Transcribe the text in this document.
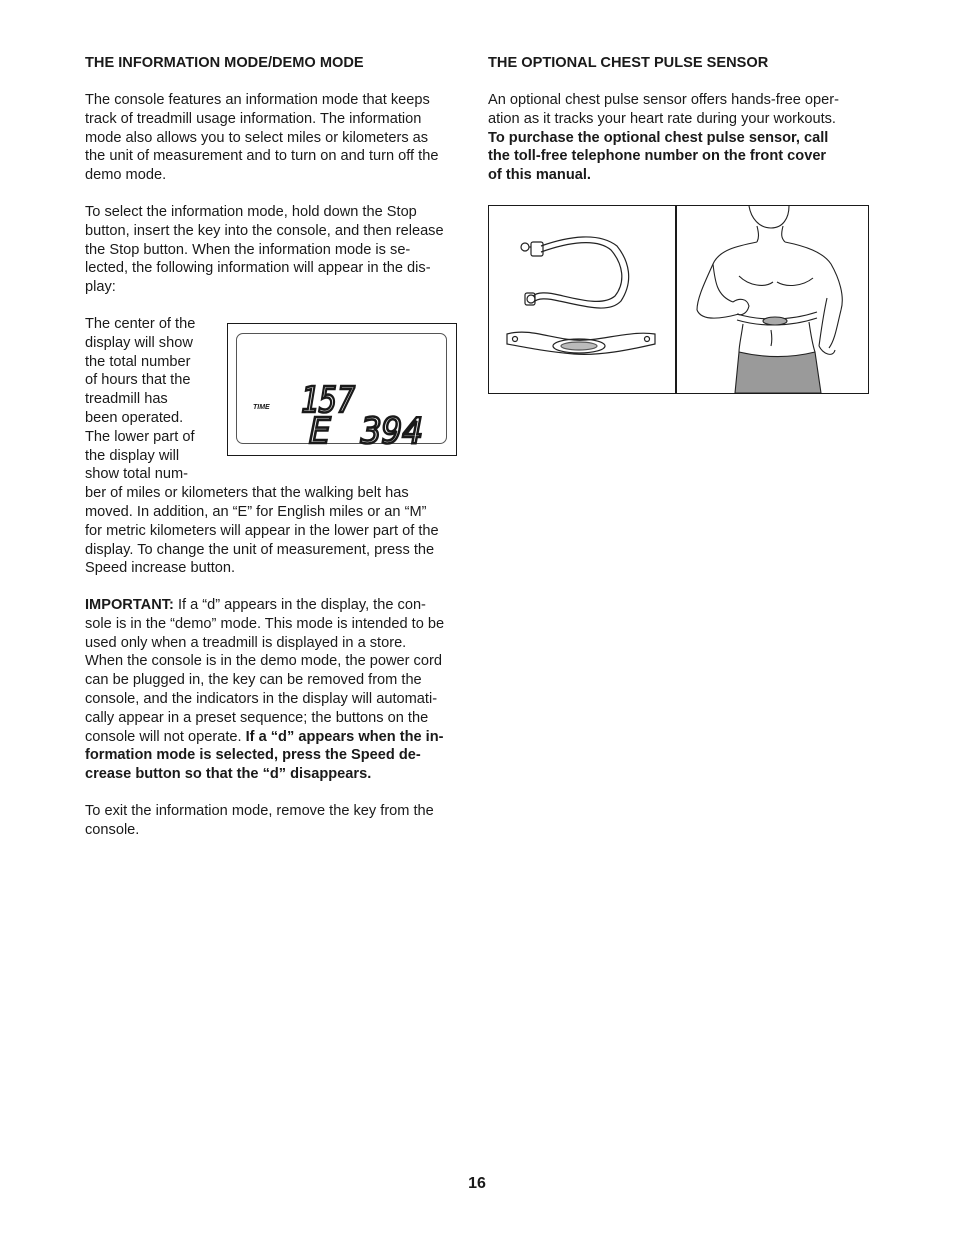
THE INFORMATION MODE/DEMO MODE
The console features an information mode that keeps
track of treadmill usage information. The information
mode also allows you to select miles or kilometers as
the unit of measurement and to turn on and turn off the
demo mode.
To select the information mode, hold down the Stop
button, insert the key into the console, and then release
the Stop button. When the information mode is se-
lected, the following information will appear in the dis-
play:
The center of the
display will show
the total number
of hours that the
treadmill has
been operated.
The lower part of
the display will
show total num-
ber of miles or kilometers that the walking belt has
moved. In addition, an “E” for English miles or an “M”
for metric kilometers will appear in the lower part of the
display. To change the unit of measurement, press the
Speed increase button.
IMPORTANT: If a “d” appears in the display, the con-
sole is in the “demo” mode. This mode is intended to be
used only when a treadmill is displayed in a store.
When the console is in the demo mode, the power cord
can be plugged in, the key can be removed from the
console, and the indicators in the display will automati-
cally appear in a preset sequence; the buttons on the
console will not operate. If a “d” appears when the in-
formation mode is selected, press the Speed de-
crease button so that the “d” disappears.
To exit the information mode, remove the key from the
console.
TIME 157
E 394
THE OPTIONAL CHEST PULSE SENSOR
An optional chest pulse sensor offers hands-free oper-
ation as it tracks your heart rate during your workouts.
To purchase the optional chest pulse sensor, call
the toll-free telephone number on the front cover
of this manual.
16
